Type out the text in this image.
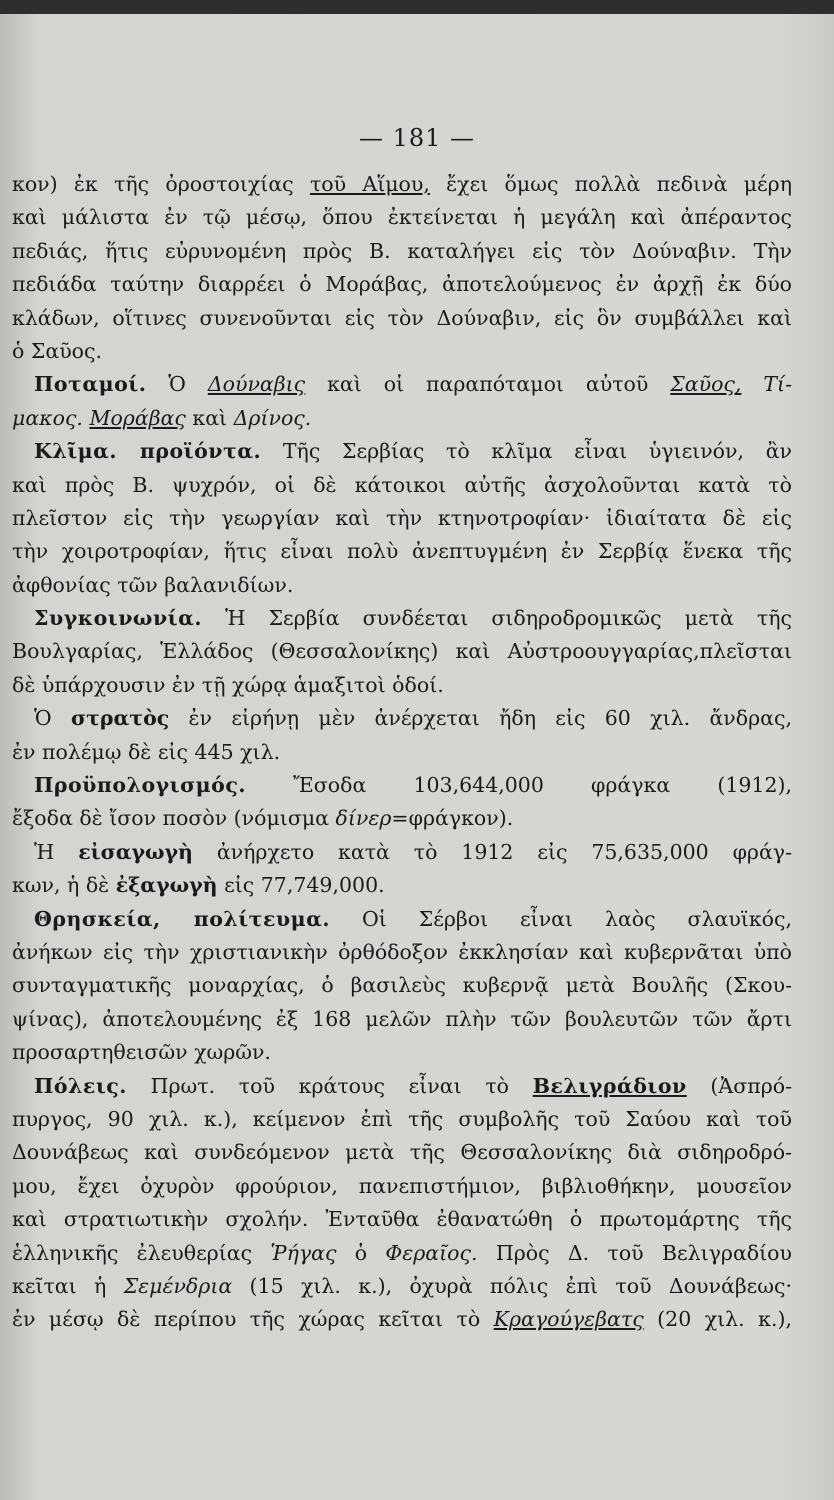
— 181 —
κον) ἐκ τῆς ὀροστοιχίας τοῦ Αἵμου, ἔχει ὅμως πολλὰ πεδινὰ μέρη
καὶ μάλιστα ἐν τῷ μέσῳ, ὅπου ἐκτείνεται ἡ μεγάλη καὶ ἀπέραντος
πεδιάς, ἥτις εὐρυνομένη πρὸς Β. καταλήγει εἰς τὸν Δούναβιν. Τὴν
πεδιάδα ταύτην διαρρέει ὁ Μοράβας, ἀποτελούμενος ἐν ἀρχῇ ἐκ δύο
κλάδων, οἵτινες συνενοῦνται εἰς τὸν Δούναβιν, εἰς ὃν συμβάλλει καὶ
ὁ Σαῦος.
Ποταμοί. Ὁ Δούναβις καὶ οἱ παραπόταμοι αὐτοῦ Σαῦος, Τί-
μακος. Μοράβας καὶ Δρίνος.
Κλῖμα. προϊόντα. Τῆς Σερβίας τὸ κλῖμα εἶναι ὑγιεινόν, ἂν
καὶ πρὸς Β. ψυχρόν, οἱ δὲ κάτοικοι αὐτῆς ἀσχολοῦνται κατὰ τὸ
πλεῖστον εἰς τὴν γεωργίαν καὶ τὴν κτηνοτροφίαν· ἰδιαίτατα δὲ εἰς
τὴν χοιροτροφίαν, ἥτις εἶναι πολὺ ἀνεπτυγμένη ἐν Σερβίᾳ ἕνεκα τῆς
ἀφθονίας τῶν βαλανιδίων.
Συγκοινωνία. Ἡ Σερβία συνδέεται σιδηροδρομικῶς μετὰ τῆς
Βουλγαρίας, Ἑλλάδος (Θεσσαλονίκης) καὶ Αὐστροουγγαρίας,πλεῖσται
δὲ ὑπάρχουσιν ἐν τῇ χώρᾳ ἁμαξιτοὶ ὁδοί.
Ὁ στρατὸς ἐν εἰρήνῃ μὲν ἀνέρχεται ἤδη εἰς 60 χιλ. ἄνδρας,
ἐν πολέμῳ δὲ εἰς 445 χιλ.
Προϋπολογισμός. Ἔσοδα 103,644,000 φράγκα (1912),
ἔξοδα δὲ ἴσον ποσὸν (νόμισμα δίνερ=φράγκον).
Ἡ εἰσαγωγὴ ἀνήρχετο κατὰ τὸ 1912 εἰς 75,635,000 φράγ-
κων, ἡ δὲ ἐξαγωγὴ εἰς 77,749,000.
Θρησκεία, πολίτευμα. Οἱ Σέρβοι εἶναι λαὸς σλαυϊκός,
ἀνήκων εἰς τὴν χριστιανικὴν ὀρθόδοξον ἐκκλησίαν καὶ κυβερνᾶται ὑπὸ
συνταγματικῆς μοναρχίας, ὁ βασιλεὺς κυβερνᾷ μετὰ Βουλῆς (Σκου-
ψίνας), ἀποτελουμένης ἐξ 168 μελῶν πλὴν τῶν βουλευτῶν τῶν ἄρτι
προσαρτηθεισῶν χωρῶν.
Πόλεις. Πρωτ. τοῦ κράτους εἶναι τὸ Βελιγράδιον (Ἀσπρό-
πυργος, 90 χιλ. κ.), κείμενον ἐπὶ τῆς συμβολῆς τοῦ Σαύου καὶ τοῦ
Δουνάβεως καὶ συνδεόμενον μετὰ τῆς Θεσσαλονίκης διὰ σιδηροδρό-
μου, ἔχει ὀχυρὸν φρούριον, πανεπιστήμιον, βιβλιοθήκην, μουσεῖον
καὶ στρατιωτικὴν σχολήν. Ἐνταῦθα ἐθανατώθη ὁ πρωτομάρτης τῆς
ἑλληνικῆς ἐλευθερίας Ῥήγας ὁ Φεραῖος. Πρὸς Δ. τοῦ Βελιγραδίου
κεῖται ἡ Σεμένδρια (15 χιλ. κ.), ὀχυρὰ πόλις ἐπὶ τοῦ Δουνάβεως·
ἐν μέσῳ δὲ περίπου τῆς χώρας κεῖται τὸ Κραγούγεβατς (20 χιλ. κ.),
